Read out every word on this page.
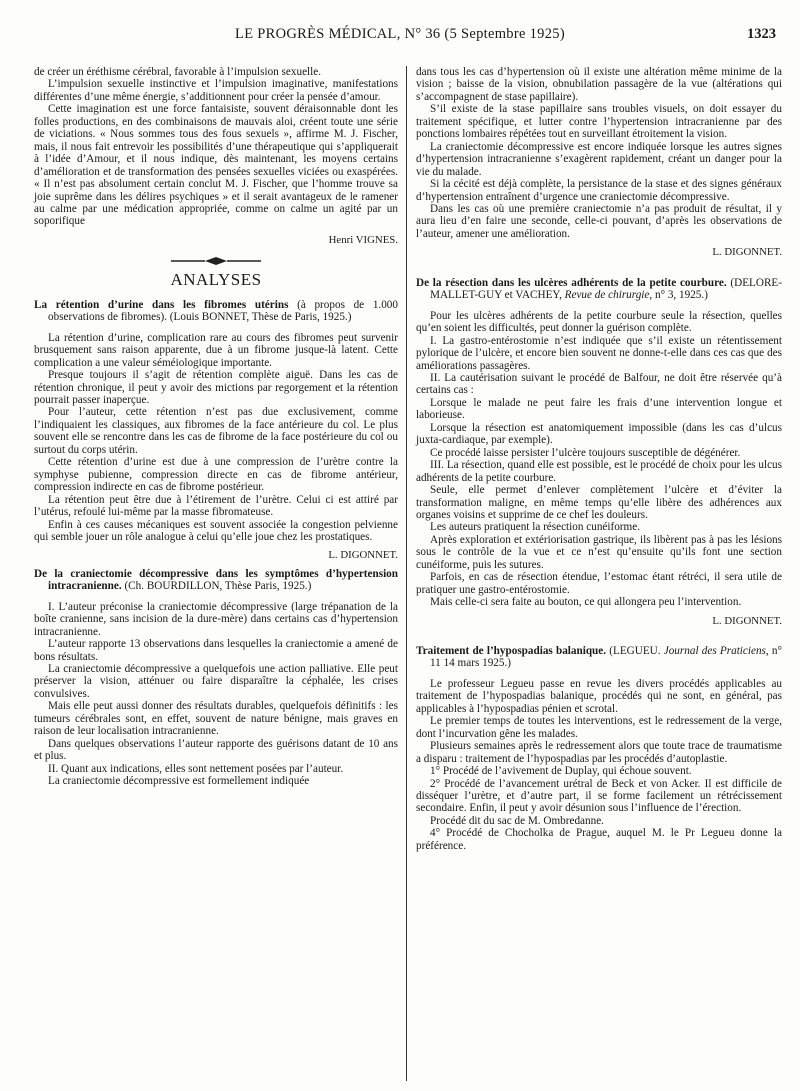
LE PROGRÈS MÉDICAL, N° 36 (5 Septembre 1925)	1323

de créer un éréthisme cérébral, favorable à l’impulsion sexuelle.

L’impulsion sexuelle instinctive et l’impulsion imaginative, manifestations différentes d’une même énergie, s’additionnent pour créer la pensée d’amour.

Cette imagination est une force fantaisiste, souvent déraisonnable dont les folles productions, en des combinaisons de mauvais aloi, créent toute une série de viciations. « Nous sommes tous des fous sexuels », affirme M. J. Fischer, mais, il nous fait entrevoir les possibilités d’une thérapeutique qui s’appliquerait à l’idée d’Amour, et il nous indique, dès maintenant, les moyens certains d’amélioration et de transformation des pensées sexuelles viciées ou exaspérées. « Il n’est pas absolument certain conclut M. J. Fischer, que l’homme trouve sa joie suprême dans les délires psychiques » et il serait avantageux de le ramener au calme par une médication appropriée, comme on calme un agité par un soporifique

Henri VIGNES.

ANALYSES

La rétention d’urine dans les fibromes utérins (à propos de 1.000 observations de fibromes). (Louis BONNET, Thèse de Paris, 1925.)

La rétention d’urine, complication rare au cours des fibromes peut survenir brusquement sans raison apparente, due à un fibrome jusque-là latent. Cette complication a une valeur séméiologique importante.

Presque toujours il s’agit de rétention complète aiguë. Dans les cas de rétention chronique, il peut y avoir des mictions par regorgement et la rétention pourrait passer inaperçue.

Pour l’auteur, cette rétention n’est pas due exclusivement, comme l’indiquaient les classiques, aux fibromes de la face antérieure du col. Le plus souvent elle se rencontre dans les cas de fibrome de la face postérieure du col ou surtout du corps utérin.

Cette rétention d’urine est due à une compression de l’urètre contre la symphyse pubienne, compression directe en cas de fibrome antérieur, compression indirecte en cas de fibrome postérieur.

La rétention peut être due à l’étirement de l’urètre. Celui ci est attiré par l’utérus, refoulé lui-même par la masse fibromateuse.

Enfin à ces causes mécaniques est souvent associée la congestion pelvienne qui semble jouer un rôle analogue à celui qu’elle joue chez les prostatiques.

L. DIGONNET.

De la craniectomie décompressive dans les symptômes d’hypertension intracranienne. (Ch. BOURDILLON, Thèse Paris, 1925.)

I. L’auteur préconise la craniectomie décompressive (large trépanation de la boîte cranienne, sans incision de la dure-mère) dans certains cas d’hypertension intracranienne.

L’auteur rapporte 13 observations dans lesquelles la craniectomie a amené de bons résultats.

La craniectomie décompressive a quelquefois une action palliative. Elle peut préserver la vision, atténuer ou faire disparaître la céphalée, les crises convulsives.

Mais elle peut aussi donner des résultats durables, quelquefois définitifs : les tumeurs cérébrales sont, en effet, souvent de nature bénigne, mais graves en raison de leur localisation intracranienne.

Dans quelques observations l’auteur rapporte des guérisons datant de 10 ans et plus.

II. Quant aux indications, elles sont nettement posées par l’auteur.

La craniectomie décompressive est formellement indiquée

dans tous les cas d’hypertension où il existe une altération même minime de la vision ; baisse de la vision, obnubilation passagère de la vue (altérations qui s’accompagnent de stase papillaire).

S’il existe de la stase papillaire sans troubles visuels, on doit essayer du traitement spécifique, et lutter contre l’hypertension intracranienne par des ponctions lombaires répétées tout en surveillant étroitement la vision.

La craniectomie décompressive est encore indiquée lorsque les autres signes d’hypertension intracranienne s’exagèrent rapidement, créant un danger pour la vie du malade.

Si la cécité est déjà complète, la persistance de la stase et des signes généraux d’hypertension entraînent d’urgence une craniectomie décompressive.

Dans les cas où une première craniectomie n’a pas produit de résultat, il y aura lieu d’en faire une seconde, celle-ci pouvant, d’après les observations de l’auteur, amener une amélioration.

L. DIGONNET.

De la résection dans les ulcères adhérents de la petite courbure. (DELORE-MALLET-GUY et VACHEY, Revue de chirurgie, n° 3, 1925.)

Pour les ulcères adhérents de la petite courbure seule la résection, quelles qu’en soient les difficultés, peut donner la guérison complète.

I. La gastro-entérostomie n’est indiquée que s’il existe un rétentissement pylorique de l’ulcère, et encore bien souvent ne donne-t-elle dans ces cas que des améliorations passagères.

II. La cautérisation suivant le procédé de Balfour, ne doit être réservée qu’à certains cas :

Lorsque le malade ne peut faire les frais d’une intervention longue et laborieuse.

Lorsque la résection est anatomiquement impossible (dans les cas d’ulcus juxta-cardiaque, par exemple).

Ce procédé laisse persister l’ulcère toujours susceptible de dégénérer.

III. La résection, quand elle est possible, est le procédé de choix pour les ulcus adhérents de la petite courbure.

Seule, elle permet d’enlever complètement l’ulcère et d’éviter la transformation maligne, en même temps qu’elle libère des adhérences aux organes voisins et supprime de ce chef les douleurs.

Les auteurs pratiquent la résection cunéiforme.

Après exploration et extériorisation gastrique, ils libèrent pas à pas les lésions sous le contrôle de la vue et ce n’est qu’ensuite qu’ils font une section cunéiforme, puis les sutures.

Parfois, en cas de résection étendue, l’estomac étant rétréci, il sera utile de pratiquer une gastro-entérostomie.

Mais celle-ci sera faite au bouton, ce qui allongera peu l’intervention.

L. DIGONNET.

Traitement de l’hypospadias balanique. (LEGUEU. Journal des Praticiens, n° 11 14 mars 1925.)

Le professeur Legueu passe en revue les divers procédés applicables au traitement de l’hypospadias balanique, procédés qui ne sont, en général, pas applicables à l’hypospadias pénien et scrotal.

Le premier temps de toutes les interventions, est le redressement de la verge, dont l’incurvation gêne les malades.

Plusieurs semaines après le redressement alors que toute trace de traumatisme a disparu : traitement de l’hypospadias par les procédés d’autoplastie.

1° Procédé de l’avivement de Duplay, qui échoue souvent.

2° Procédé de l’avancement urétral de Beck et von Acker. Il est difficile de disséquer l’urètre, et d’autre part, il se forme facilement un rétrécissement secondaire. Enfin, il peut y avoir désunion sous l’influence de l’érection.

Procédé dit du sac de M. Ombredanne.

4° Procédé de Chocholka de Prague, auquel M. le Pr Legueu donne la préférence.
